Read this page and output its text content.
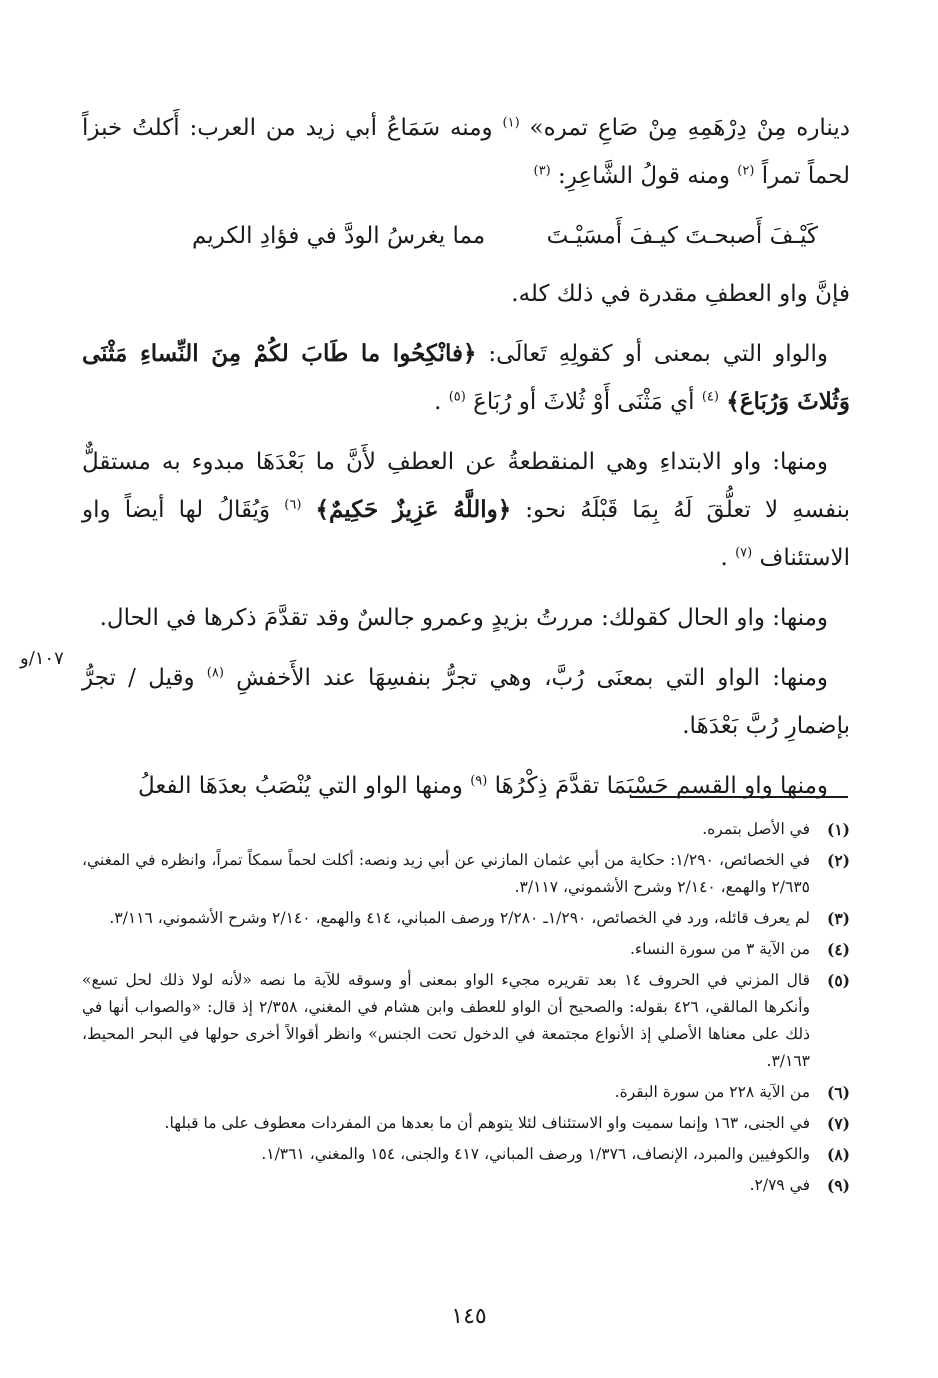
ديناره مِنْ دِرْهَمِهِ مِنْ صَاعِ تمره» $^{(١)}$ ومنه سَمَاعُ أبي زيد من العرب: أَكلتُ خبزاً لحماً تمراً $^{(٢)}$ ومنه قولُ الشَّاعِرِ: $^{(٣)}$

كَيْـفَ أَصبحـتَ كيـفَ أَمسَيْـتَ
مما يغرسُ الودَّ في فؤادِ الكريم

فإنَّ واو العطفِ مقدرة في ذلك كله.

والواو التي بمعنى أو كقولِهِ تَعالَى: ﴿فانْكِحُوا ما طَابَ لكُمْ مِنَ النِّساءِ مَثْنَى وَثُلاثَ وَرُبَاعَ﴾ $^{(٤)}$ أي مَثْنَى أَوْ ثُلاثَ أو رُبَاعَ $^{(٥)}$ .

ومنها: واو الابتداءِ وهي المنقطعةُ عن العطفِ لأَنَّ ما بَعْدَهَا مبدوء به مستقلٌّ بنفسهِ لا تعلُّقَ لَهُ بِمَا قَبْلَهُ نحو: ﴿واللَّهُ عَزِيزٌ حَكِيمٌ﴾ $^{(٦)}$ وَيُقَالُ لها أيضاً واو الاستئناف $^{(٧)}$ .

ومنها: واو الحال كقولك: مررتُ بزيدٍ وعمرو جالسٌ وقد تقدَّمَ ذكرها في الحال.

ومنها: الواو التي بمعنَى رُبَّ، وهي تجرُّ بنفسِهَا عند الأَخفشِ $^{(٨)}$ وقيل / تجرُّ بإضمارِ رُبَّ بَعْدَهَا.

ومنها واو القسم حَسْبَمَا تقدَّمَ ذِكْرُهَا $^{(٩)}$ ومنها الواو التي يُنْصَبُ بعدَهَا الفعلُ

١٠٧/و
(١)
في الأصل بتمره.
(٢)
في الخصائص، ١/٢٩٠: حكاية من أبي عثمان المازني عن أبي زيد ونصه: أكلت لحماً سمكاً تمراً، وانظره في المغني، ٢/٦٣٥ والهمع، ٢/١٤٠ وشرح الأشموني، ٣/١١٧.
(٣)
لم يعرف قائله، ورد في الخصائص، ١/٢٩٠ـ ٢/٢٨٠ ورصف المباني، ٤١٤ والهمع، ٢/١٤٠ وشرح الأشموني، ٣/١١٦.
(٤)
من الآية ٣ من سورة النساء.
(٥)
قال المزني في الحروف ١٤ بعد تقريره مجيء الواو بمعنى أو وسوقه للآية ما نصه «لأنه لولا ذلك لحل تسع» وأنكرها المالقي، ٤٢٦ بقوله: والصحيح أن الواو للعطف وابن هشام في المغني، ٢/٣٥٨ إذ قال: «والصواب أنها في ذلك على معناها الأصلي إذ الأنواع مجتمعة في الدخول تحت الجنس» وانظر أقوالاً أخرى حولها في البحر المحيط، ٣/١٦٣.
(٦)
من الآية ٢٢٨ من سورة البقرة.
(٧)
في الجنى، ١٦٣ وإنما سميت واو الاستئناف لئلا يتوهم أن ما بعدها من المفردات معطوف على ما قبلها.
(٨)
والكوفيين والمبرد، الإنصاف، ١/٣٧٦ ورصف المباني، ٤١٧ والجنى، ١٥٤ والمغني، ١/٣٦١.
(٩)
في ٢/٧٩.
١٤٥
